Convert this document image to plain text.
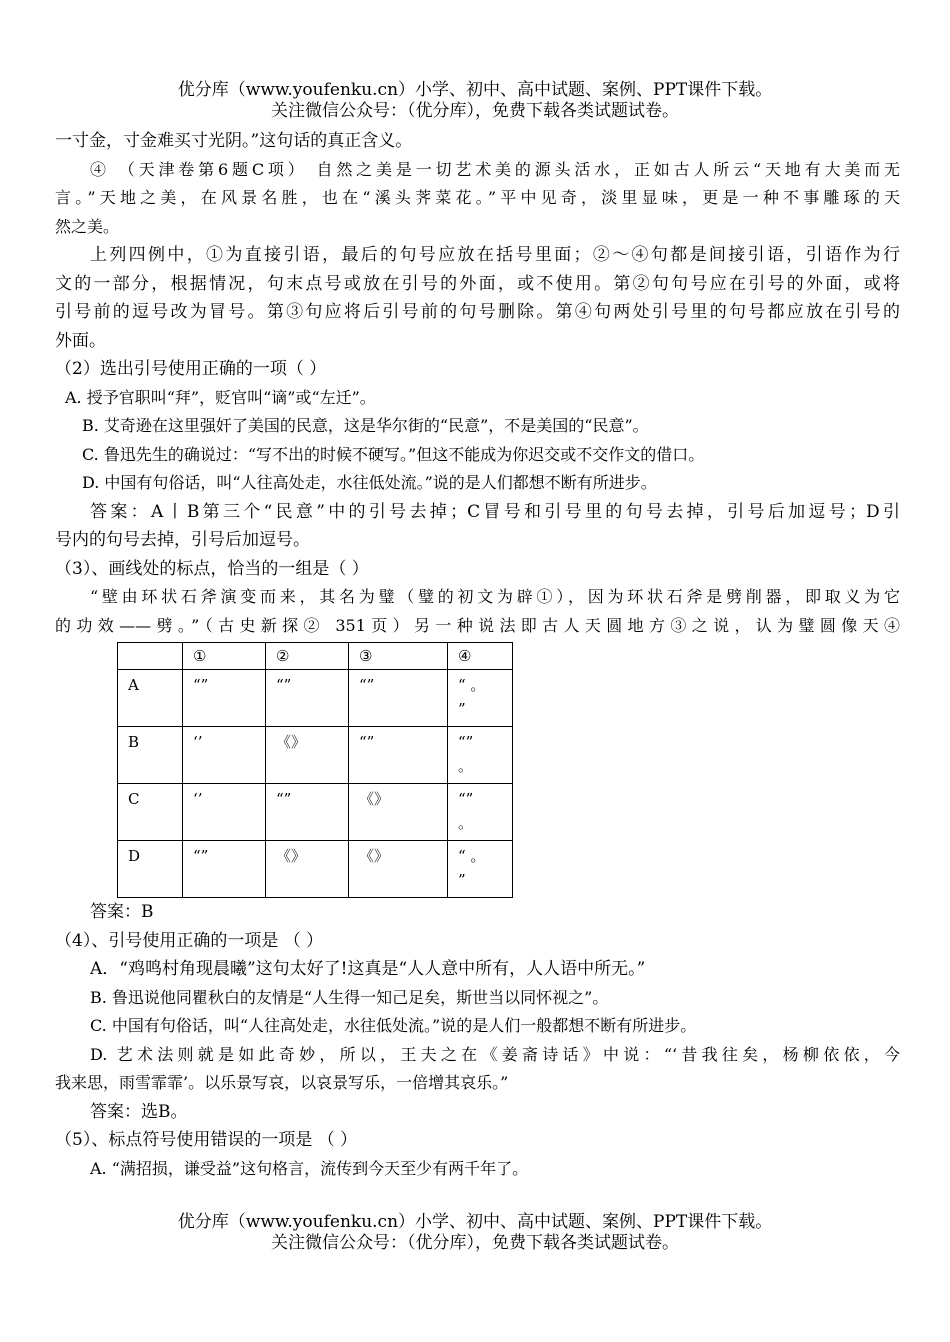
优分库（www.youfenku.cn）小学、初中、高中试题、案例、PPT课件下载。
关注微信公众号：（优分库），免费下载各类试题试卷。
一寸金，寸金难买寸光阴。”这句话的真正含义。
④ （天津卷第6题C项） 自然之美是一切艺术美的源头活水，正如古人所云“天地有大美而无
言。”天地之美，在风景名胜，也在“溪头荠菜花。”平中见奇，淡里显味，更是一种不事雕琢的天
然之美。
上列四例中，①为直接引语，最后的句号应放在括号里面；②～④句都是间接引语，引语作为行
文的一部分，根据情况，句末点号或放在引号的外面，或不使用。第②句句号应在引号的外面，或将
引号前的逗号改为冒号。第③句应将后引号前的句号删除。第④句两处引号里的句号都应放在引号的
外面。
（2）选出引号使用正确的一项（ ）
A. 授予官职叫“拜”，贬官叫“谪”或“左迁”。
B. 艾奇逊在这里强奸了美国的民意，这是华尔街的“民意”，不是美国的“民意”。
C. 鲁迅先生的确说过：“写不出的时候不硬写。”但这不能成为你迟交或不交作文的借口。
D. 中国有句俗话，叫“人往高处走，水往低处流。”说的是人们都想不断有所进步。
答案：A丨B第三个“民意”中的引号去掉；C冒号和引号里的句号去掉，引号后加逗号；D引
号内的句号去掉，引号后加逗号。
（3）、画线处的标点，恰当的一组是（ ）
“壁由环状石斧演变而来，其名为璧（璧的初文为辟①），因为环状石斧是劈削器，即取义为它
的功效——劈。”（古史新探② 351页）另一种说法即古人天圆地方③之说，认为璧圆像天④
	①	②	③	④
A	“”	“”	“”	“ 。
”
B	‘’	《》	“”	“”
。
C	‘’	“”	《》	“”
。
D	“”	《》	《》	“ 。
”
答案：B
（4）、引号使用正确的一项是 （ ）
A．“鸡鸣村角现晨曦”这句太好了!这真是“人人意中所有，人人语中所无。”
B. 鲁迅说他同瞿秋白的友情是“人生得一知己足矣，斯世当以同怀视之”。
C. 中国有句俗话，叫“人往高处走，水往低处流。”说的是人们一般都想不断有所进步。
D. 艺术法则就是如此奇妙，所以，王夫之在《姜斋诗话》中说：“‘昔我往矣，杨柳依依，今
我来思，雨雪霏霏’。以乐景写哀，以哀景写乐，一倍增其哀乐。”
答案：选B。
（5）、标点符号使用错误的一项是 （ ）
A. “满招损，谦受益”这句格言，流传到今天至少有两千年了。
优分库（www.youfenku.cn）小学、初中、高中试题、案例、PPT课件下载。
关注微信公众号：（优分库），免费下载各类试题试卷。
